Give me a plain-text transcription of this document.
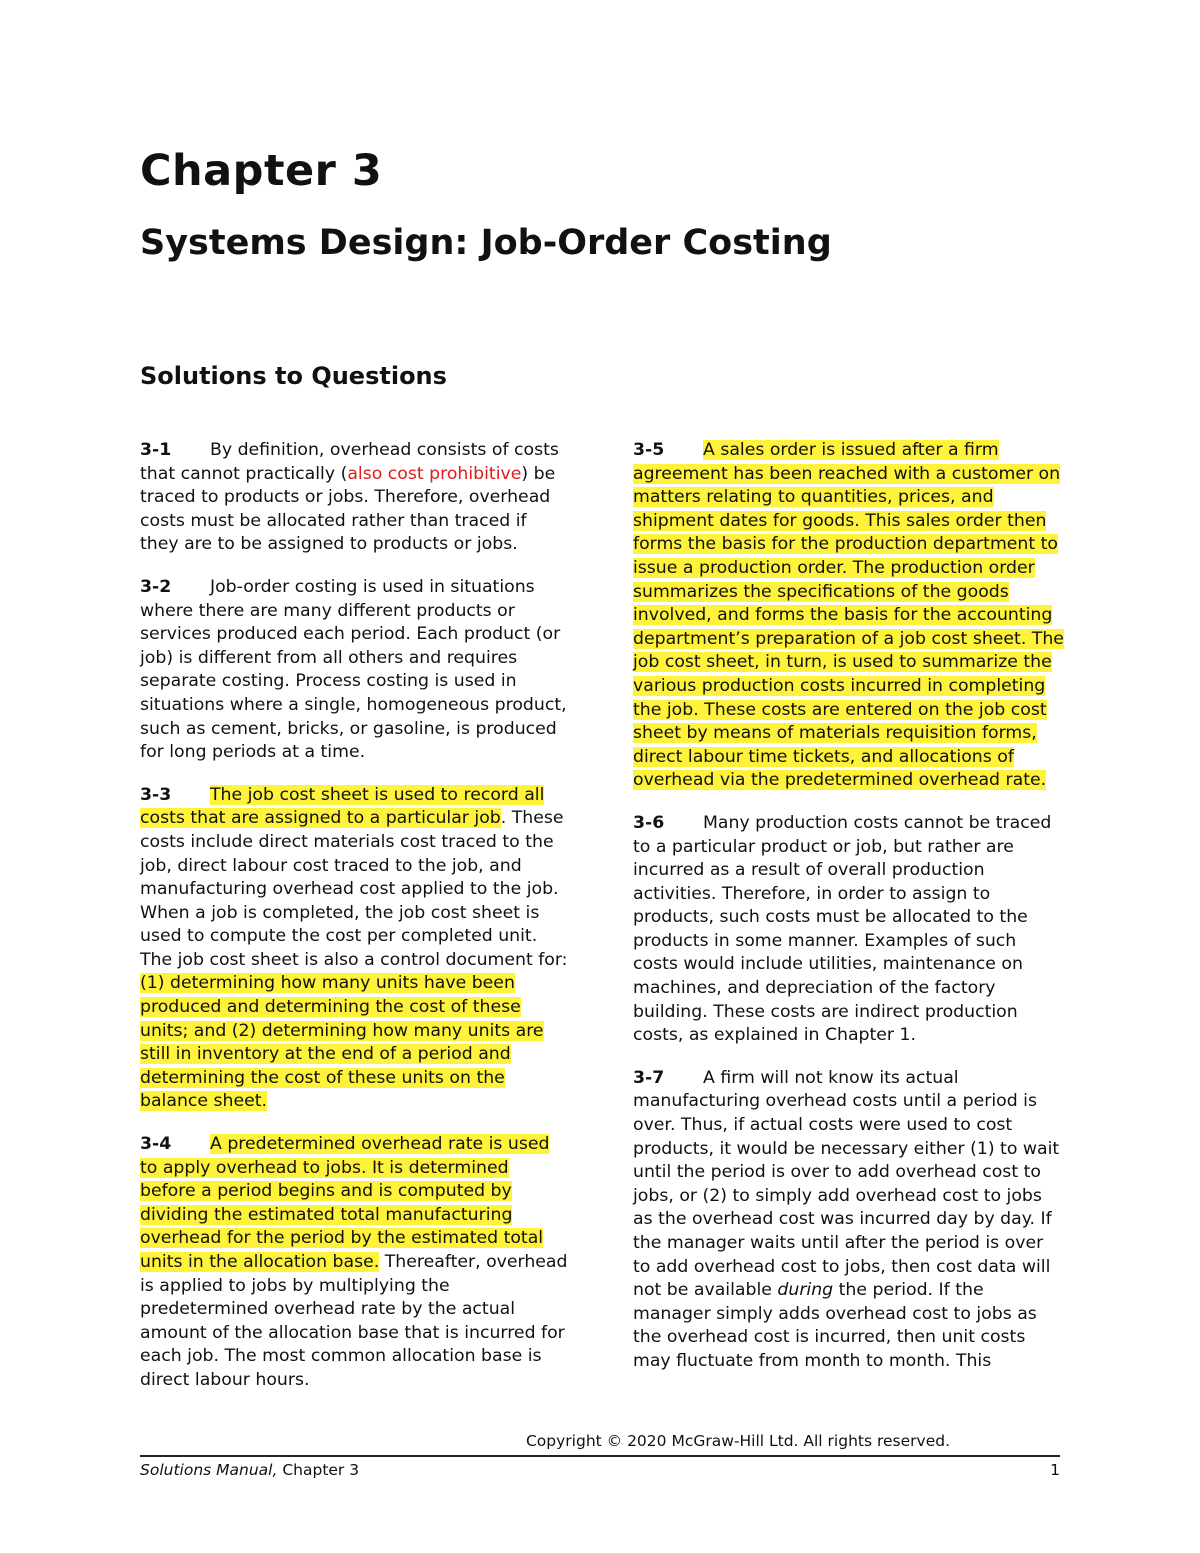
Chapter 3
Systems Design: Job-Order Costing
Solutions to Questions

3-1 By definition, overhead consists of costs that cannot practically (also cost prohibitive) be traced to products or jobs. Therefore, overhead costs must be allocated rather than traced if they are to be assigned to products or jobs.

3-2 Job-order costing is used in situations where there are many different products or services produced each period. Each product (or job) is different from all others and requires separate costing. Process costing is used in situations where a single, homogeneous product, such as cement, bricks, or gasoline, is produced for long periods at a time.

3-3 The job cost sheet is used to record all costs that are assigned to a particular job. These costs include direct materials cost traced to the job, direct labour cost traced to the job, and manufacturing overhead cost applied to the job. When a job is completed, the job cost sheet is used to compute the cost per completed unit. The job cost sheet is also a control document for: (1) determining how many units have been produced and determining the cost of these units; and (2) determining how many units are still in inventory at the end of a period and determining the cost of these units on the balance sheet.

3-4 A predetermined overhead rate is used to apply overhead to jobs. It is determined before a period begins and is computed by dividing the estimated total manufacturing overhead for the period by the estimated total units in the allocation base. Thereafter, overhead is applied to jobs by multiplying the predetermined overhead rate by the actual amount of the allocation base that is incurred for each job. The most common allocation base is direct labour hours.

3-5 A sales order is issued after a firm agreement has been reached with a customer on matters relating to quantities, prices, and shipment dates for goods. This sales order then forms the basis for the production department to issue a production order. The production order summarizes the specifications of the goods involved, and forms the basis for the accounting department’s preparation of a job cost sheet. The job cost sheet, in turn, is used to summarize the various production costs incurred in completing the job. These costs are entered on the job cost sheet by means of materials requisition forms, direct labour time tickets, and allocations of overhead via the predetermined overhead rate.

3-6 Many production costs cannot be traced to a particular product or job, but rather are incurred as a result of overall production activities. Therefore, in order to assign to products, such costs must be allocated to the products in some manner. Examples of such costs would include utilities, maintenance on machines, and depreciation of the factory building. These costs are indirect production costs, as explained in Chapter 1.

3-7 A firm will not know its actual manufacturing overhead costs until a period is over. Thus, if actual costs were used to cost products, it would be necessary either (1) to wait until the period is over to add overhead cost to jobs, or (2) to simply add overhead cost to jobs as the overhead cost was incurred day by day. If the manager waits until after the period is over to add overhead cost to jobs, then cost data will not be available during the period. If the manager simply adds overhead cost to jobs as the overhead cost is incurred, then unit costs may fluctuate from month to month. This

Copyright © 2020 McGraw-Hill Ltd. All rights reserved.
Solutions Manual, Chapter 3	1
